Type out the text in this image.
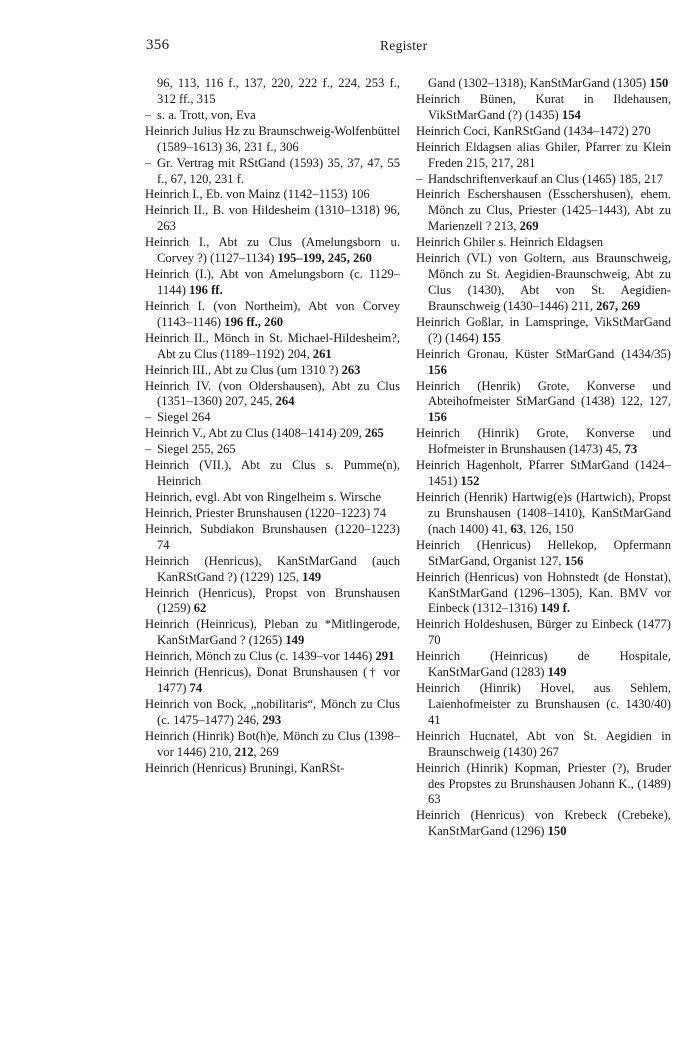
356	Register

96, 113, 116 f., 137, 220, 222 f., 224, 253 f., 312 ff., 315

– s. a. Trott, von, Eva

Heinrich Julius Hz zu Braunschweig-Wolfenbüttel (1589–1613) 36, 231 f., 306

– Gr. Vertrag mit RStGand (1593) 35, 37, 47, 55 f., 67, 120, 231 f.

Heinrich I., Eb. von Mainz (1142–1153) 106

Heinrich II., B. von Hildesheim (1310–1318) 96, 263

Heinrich I., Abt zu Clus (Amelungsborn u. Corvey ?) (1127–1134) 195–199, 245, 260

Heinrich (I.), Abt von Amelungsborn (c. 1129–1144) 196 ff.

Heinrich I. (von Northeim), Abt von Corvey (1143–1146) 196 ff., 260

Heinrich II., Mönch in St. Michael-Hildesheim?, Abt zu Clus (1189–1192) 204, 261

Heinrich III., Abt zu Clus (um 1310 ?) 263

Heinrich IV. (von Oldershausen), Abt zu Clus (1351–1360) 207, 245, 264

– Siegel 264

Heinrich V., Abt zu Clus (1408–1414) 209, 265

– Siegel 255, 265

Heinrich (VII.), Abt zu Clus s. Pumme(n), Heinrich

Heinrich, evgl. Abt von Ringelheim s. Wirsche

Heinrich, Priester Brunshausen (1220–1223) 74

Heinrich, Subdiakon Brunshausen (1220–1223) 74

Heinrich (Henricus), KanStMarGand (auch KanRStGand ?) (1229) 125, 149

Heinrich (Henricus), Propst von Brunshausen (1259) 62

Heinrich (Heinricus), Pleban zu *Mitlingerode, KanStMarGand ? (1265) 149

Heinrich, Mönch zu Clus (c. 1439–vor 1446) 291

Heinrich (Henricus), Donat Brunshausen († vor 1477) 74

Heinrich von Bock, „nobilitaris“, Mönch zu Clus (c. 1475–1477) 246, 293

Heinrich (Hinrik) Bot(h)e, Mönch zu Clus (1398–vor 1446) 210, 212, 269

Heinrich (Henricus) Bruningi, KanRSt-

Gand (1302–1318), KanStMarGand (1305) 150

Heinrich Bünen, Kurat in Ildehausen, VikStMarGand (?) (1435) 154

Heinrich Coci, KanRStGand (1434–1472) 270

Heinrich Eldagsen alias Ghiler, Pfarrer zu Klein Freden 215, 217, 281

– Handschriftenverkauf an Clus (1465) 185, 217

Heinrich Eschershausen (Esschershusen), ehem. Mönch zu Clus, Priester (1425–1443), Abt zu Marienzell ? 213, 269

Heinrich Ghiler s. Heinrich Eldagsen

Heinrich (VI.) von Goltern, aus Braunschweig, Mönch zu St. Aegidien-Braunschweig, Abt zu Clus (1430), Abt von St. Aegidien-Braunschweig (1430–1446) 211, 267, 269

Heinrich Goßlar, in Lamspringe, VikStMarGand (?) (1464) 155

Heinrich Gronau, Küster StMarGand (1434/35) 156

Heinrich (Henrik) Grote, Konverse und Abteihofmeister StMarGand (1438) 122, 127, 156

Heinrich (Hinrik) Grote, Konverse und Hofmeister in Brunshausen (1473) 45, 73

Heinrich Hagenholt, Pfarrer StMarGand (1424–1451) 152

Heinrich (Henrik) Hartwig(e)s (Hartwich), Propst zu Brunshausen (1408–1410), KanStMarGand (nach 1400) 41, 63, 126, 150

Heinrich (Henricus) Hellekop, Opfermann StMarGand, Organist 127, 156

Heinrich (Henricus) von Hohnstedt (de Honstat), KanStMarGand (1296–1305), Kan. BMV vor Einbeck (1312–1316) 149 f.

Heinrich Holdeshusen, Bürger zu Einbeck (1477) 70

Heinrich (Heinricus) de Hospitale, KanStMarGand (1283) 149

Heinrich (Hinrik) Hovel, aus Sehlem, Laienhofmeister zu Brunshausen (c. 1430/40) 41

Heinrich Hucnatel, Abt von St. Aegidien in Braunschweig (1430) 267

Heinrich (Hinrik) Kopman, Priester (?), Bruder des Propstes zu Brunshausen Johann K., (1489) 63

Heinrich (Henricus) von Krebeck (Crebeke), KanStMarGand (1296) 150
